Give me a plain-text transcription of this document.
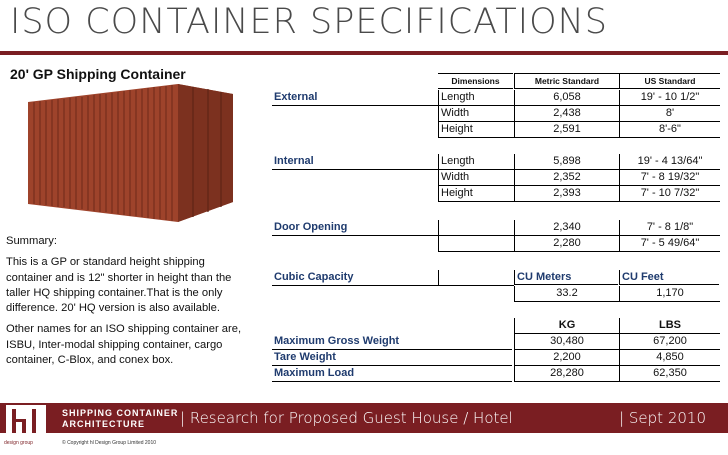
ISO CONTAINER SPECIFICATIONS
20' GP Shipping Container

Summary:

This is a GP or standard height shipping container and is 12" shorter in height than the taller HQ shipping container.That is the only difference. 20' HQ version is also available.

Other names for an ISO shipping container are, ISBU, Inter-modal shipping container, cargo container, C-Blox, and conex box.

Dimensions	Metric Standard	US Standard
External	Length	6,058	19' - 10 1/2"
Width	2,438	8'
Height	2,591	8'-6"
Internal	Length	5,898	19' - 4 13/64"
Width	2,352	7' - 8 19/32"
Height	2,393	7' - 10 7/32"
Door Opening	2,340	7' - 8 1/8"
2,280	7' - 5 49/64"
Cubic Capacity	CU Meters	CU Feet
33.2	1,170
KG	LBS
Maximum Gross Weight	30,480	67,200
Tare Weight	2,200	4,850
Maximum Load	28,280	62,350
design group
SHIPPING CONTAINER
ARCHITECTURE	| Research for Proposed Guest House / Hotel	| Sept 2010
© Copyright hl Design Group Limited 2010
